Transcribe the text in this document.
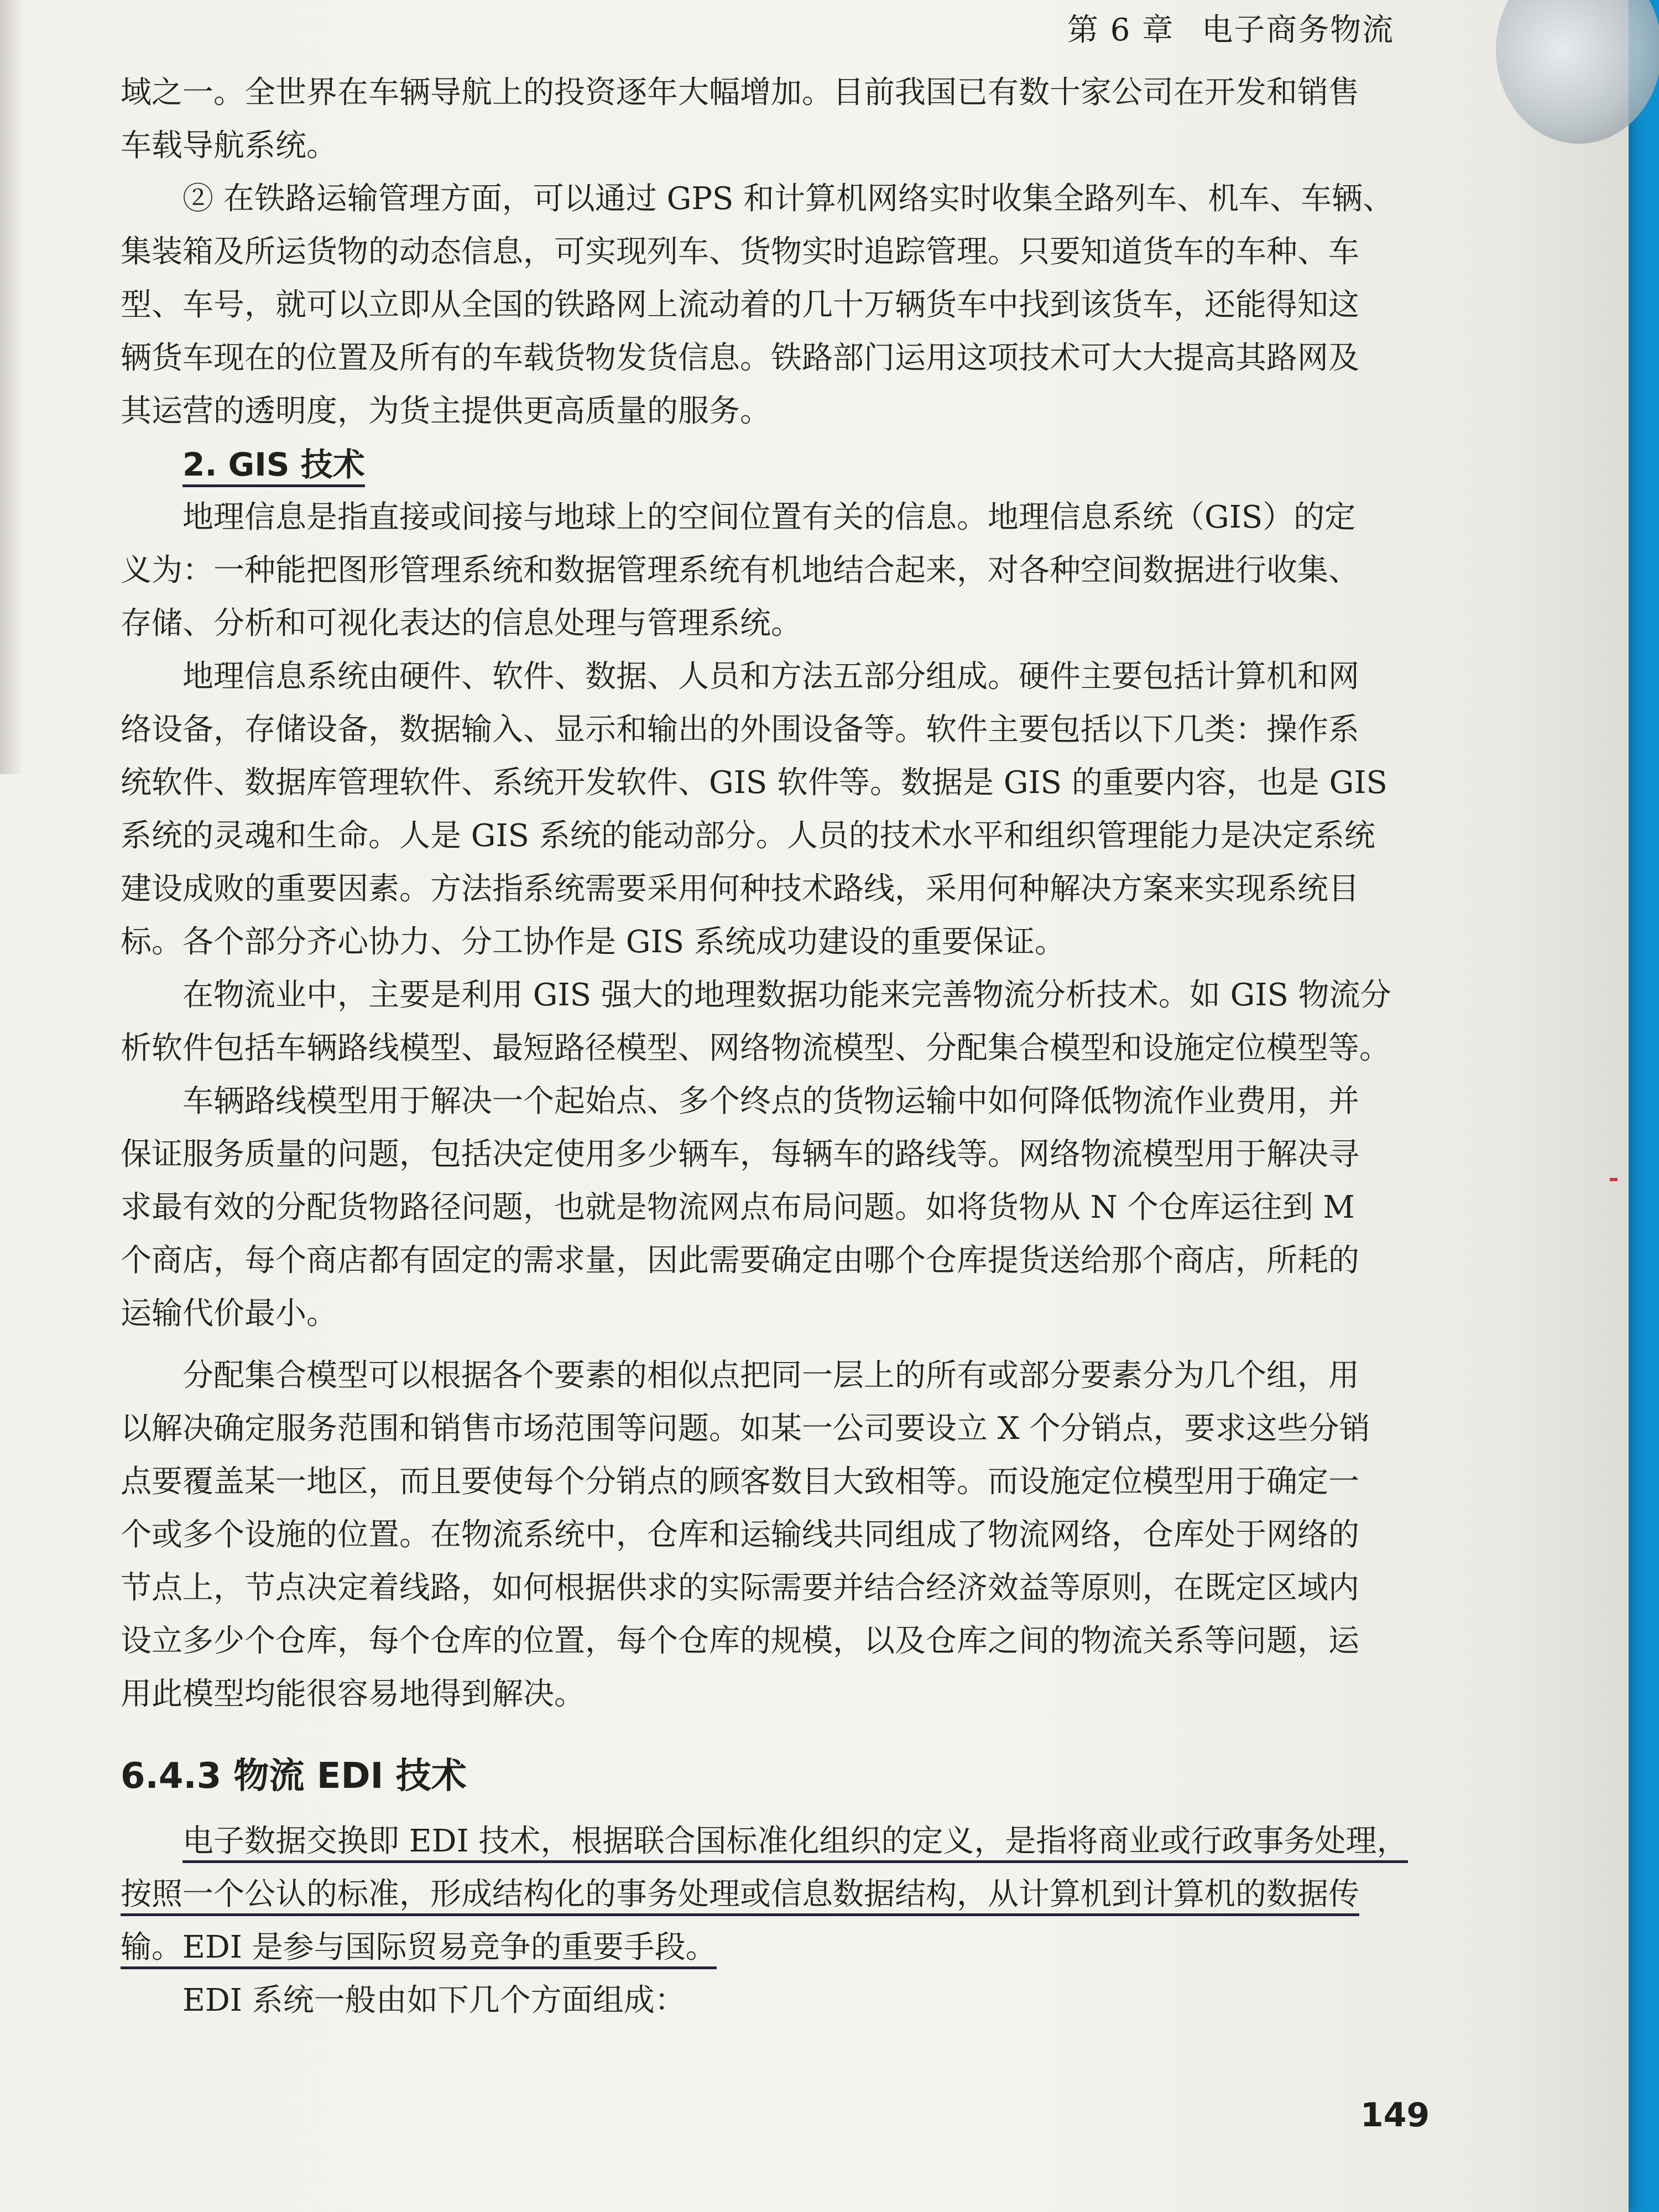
第 6 章 电子商务物流
域之一。全世界在车辆导航上的投资逐年大幅增加。目前我国已有数十家公司在开发和销售
车载导航系统。
② 在铁路运输管理方面，可以通过 GPS 和计算机网络实时收集全路列车、机车、车辆、
集装箱及所运货物的动态信息，可实现列车、货物实时追踪管理。只要知道货车的车种、车
型、车号，就可以立即从全国的铁路网上流动着的几十万辆货车中找到该货车，还能得知这
辆货车现在的位置及所有的车载货物发货信息。铁路部门运用这项技术可大大提高其路网及
其运营的透明度，为货主提供更高质量的服务。
2. GIS 技术
地理信息是指直接或间接与地球上的空间位置有关的信息。地理信息系统（GIS）的定
义为：一种能把图形管理系统和数据管理系统有机地结合起来，对各种空间数据进行收集、
存储、分析和可视化表达的信息处理与管理系统。
地理信息系统由硬件、软件、数据、人员和方法五部分组成。硬件主要包括计算机和网
络设备，存储设备，数据输入、显示和输出的外围设备等。软件主要包括以下几类：操作系
统软件、数据库管理软件、系统开发软件、GIS 软件等。数据是 GIS 的重要内容，也是 GIS
系统的灵魂和生命。人是 GIS 系统的能动部分。人员的技术水平和组织管理能力是决定系统
建设成败的重要因素。方法指系统需要采用何种技术路线，采用何种解决方案来实现系统目
标。各个部分齐心协力、分工协作是 GIS 系统成功建设的重要保证。
在物流业中，主要是利用 GIS 强大的地理数据功能来完善物流分析技术。如 GIS 物流分
析软件包括车辆路线模型、最短路径模型、网络物流模型、分配集合模型和设施定位模型等。
车辆路线模型用于解决一个起始点、多个终点的货物运输中如何降低物流作业费用，并
保证服务质量的问题，包括决定使用多少辆车，每辆车的路线等。网络物流模型用于解决寻
求最有效的分配货物路径问题，也就是物流网点布局问题。如将货物从 N 个仓库运往到 M
个商店，每个商店都有固定的需求量，因此需要确定由哪个仓库提货送给那个商店，所耗的
运输代价最小。
分配集合模型可以根据各个要素的相似点把同一层上的所有或部分要素分为几个组，用
以解决确定服务范围和销售市场范围等问题。如某一公司要设立 X 个分销点，要求这些分销
点要覆盖某一地区，而且要使每个分销点的顾客数目大致相等。而设施定位模型用于确定一
个或多个设施的位置。在物流系统中，仓库和运输线共同组成了物流网络，仓库处于网络的
节点上，节点决定着线路，如何根据供求的实际需要并结合经济效益等原则，在既定区域内
设立多少个仓库，每个仓库的位置，每个仓库的规模，以及仓库之间的物流关系等问题，运
用此模型均能很容易地得到解决。
6.4.3 物流 EDI 技术
电子数据交换即 EDI 技术，根据联合国标准化组织的定义，是指将商业或行政事务处理，
按照一个公认的标准，形成结构化的事务处理或信息数据结构，从计算机到计算机的数据传
输。EDI 是参与国际贸易竞争的重要手段。
EDI 系统一般由如下几个方面组成：
149
